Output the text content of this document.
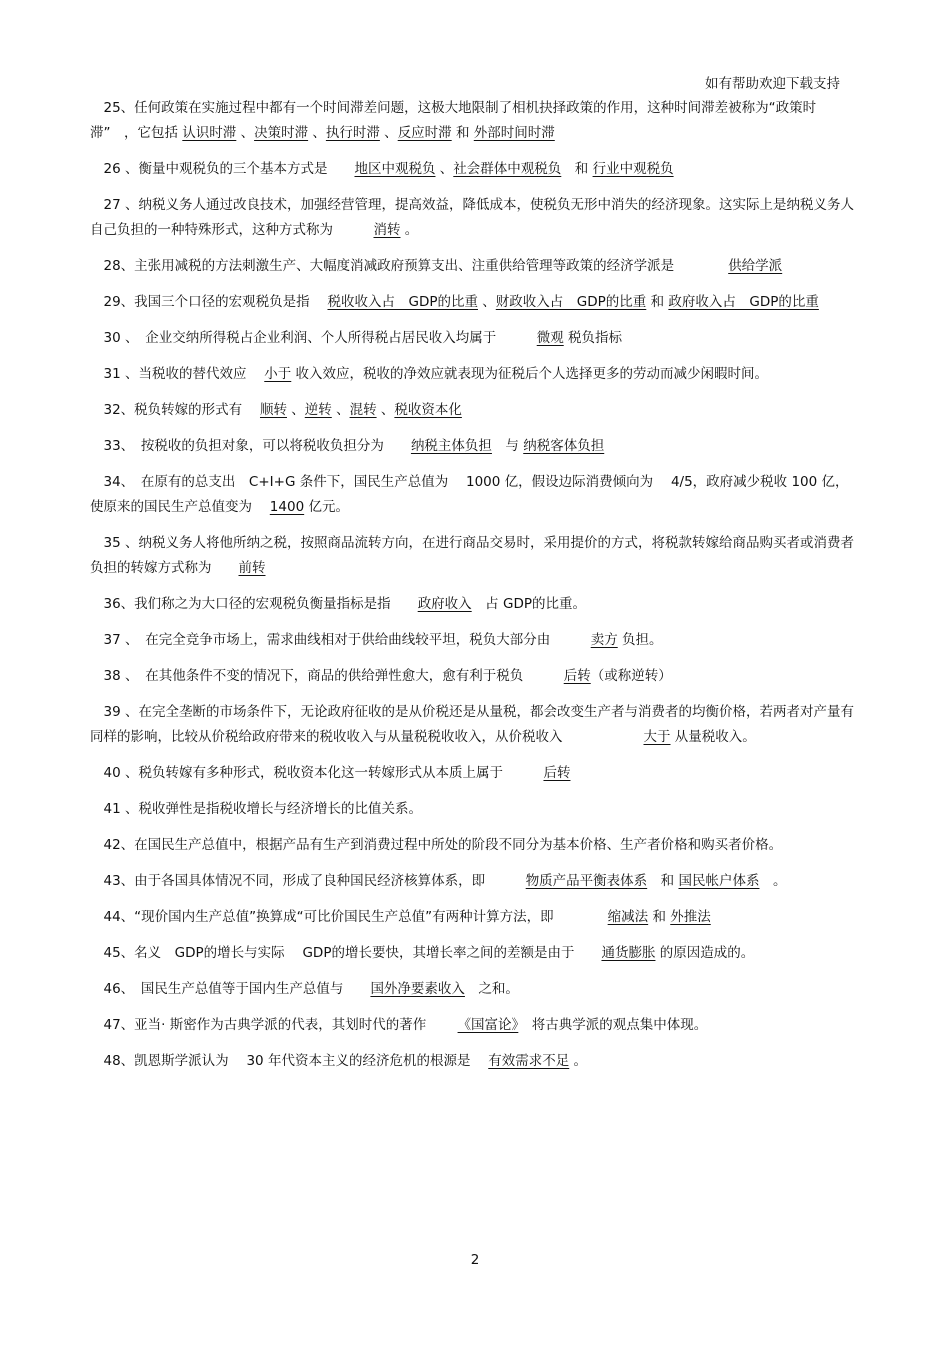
如有帮助欢迎下载支持
　25、任何政策在实施过程中都有一个时间滞差问题，这极大地限制了相机抉择政策的作用，这种时间滞差被称为“政策时滞”　，它包括 认识时滞 、决策时滞 、执行时滞 、反应时滞 和 外部时间时滞
　26 、衡量中观税负的三个基本方式是　　地区中观税负 、社会群体中观税负　和 行业中观税负
　27 、纳税义务人通过改良技术，加强经营管理，提高效益，降低成本，使税负无形中消失的经济现象。这实际上是纳税义务人自己负担的一种特殊形式，这种方式称为　　　消转 。
　28、主张用减税的方法刺激生产、大幅度消减政府预算支出、注重供给管理等政策的经济学派是　　　　供给学派
　29、我国三个口径的宏观税负是指　 税收收入占　GDP的比重 、财政收入占　GDP的比重 和 政府收入占　GDP的比重
　30 、　企业交纳所得税占企业利润、个人所得税占居民收入均属于　　　微观 税负指标
　31 、当税收的替代效应　 小于 收入效应，税收的净效应就表现为征税后个人选择更多的劳动而减少闲暇时间。
　32、税负转嫁的形式有　 顺转 、逆转 、混转 、税收资本化
　33、　按税收的负担对象，可以将税收负担分为　　纳税主体负担　与 纳税客体负担
　34、　在原有的总支出　C+I+G 条件下，国民生产总值为　 1000 亿，假设边际消费倾向为　 4/5，政府减少税收 100 亿，使原来的国民生产总值变为　 1400 亿元。
　35 、纳税义务人将他所纳之税，按照商品流转方向，在进行商品交易时，采用提价的方式，将税款转嫁给商品购买者或消费者负担的转嫁方式称为　　前转
　36、我们称之为大口径的宏观税负衡量指标是指　　政府收入　占 GDP的比重。
　37 、　在完全竞争市场上，需求曲线相对于供给曲线较平坦，税负大部分由　　　卖方 负担。
　38 、　在其他条件不变的情况下，商品的供给弹性愈大，愈有利于税负　　　后转（或称逆转）
　39 、在完全垄断的市场条件下，无论政府征收的是从价税还是从量税，都会改变生产者与消费者的均衡价格，若两者对产量有同样的影响，比较从价税给政府带来的税收收入与从量税税收收入，从价税收入　　　　　　大于 从量税收入。
　40 、税负转嫁有多种形式，税收资本化这一转嫁形式从本质上属于　　　后转
　41 、税收弹性是指税收增长与经济增长的比值关系。
　42、在国民生产总值中，根据产品有生产到消费过程中所处的阶段不同分为基本价格、生产者价格和购买者价格。
　43、由于各国具体情况不同，形成了良种国民经济核算体系，即　　　物质产品平衡表体系　和 国民帐户体系　。
　44、“现价国内生产总值”换算成“可比价国民生产总值”有两种计算方法，即　　　　缩减法 和 外推法
　45、名义　GDP的增长与实际　 GDP的增长要快，其增长率之间的差额是由于　　通货膨胀 的原因造成的。
　46、　国民生产总值等于国内生产总值与　　国外净要素收入　之和。
　47、亚当· 斯密作为古典学派的代表，其划时代的著作　　 《国富论》　将古典学派的观点集中体现。
　48、凯恩斯学派认为　 30 年代资本主义的经济危机的根源是　 有效需求不足 。
2
